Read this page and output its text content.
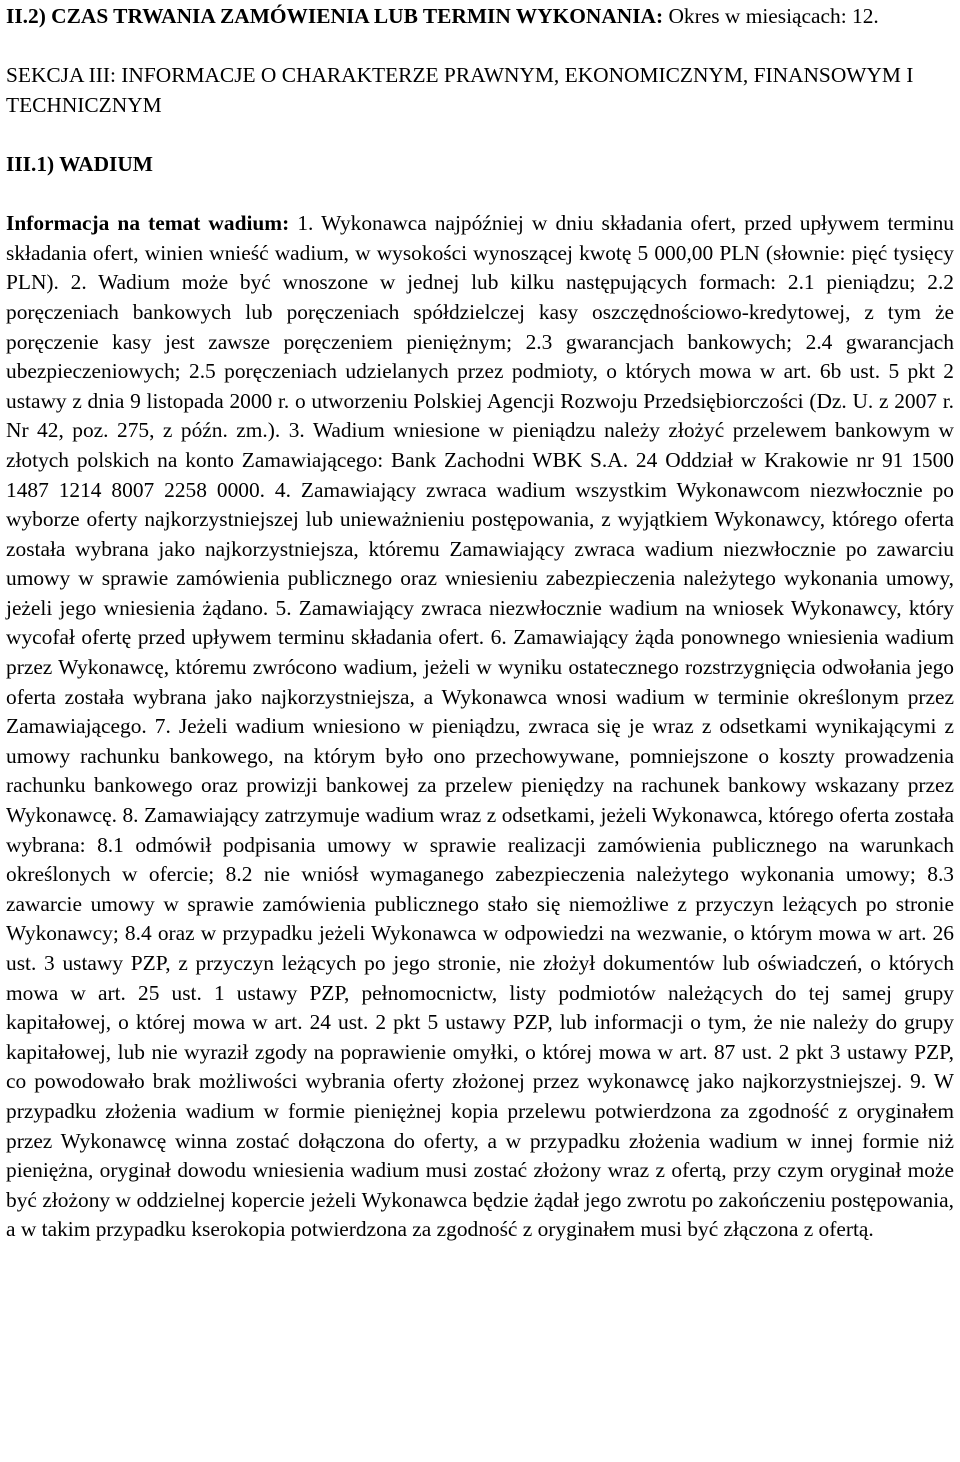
II.2) CZAS TRWANIA ZAMÓWIENIA LUB TERMIN WYKONANIA: Okres w miesiącach: 12.

SEKCJA III: INFORMACJE O CHARAKTERZE PRAWNYM, EKONOMICZNYM, FINANSOWYM I TECHNICZNYM

III.1) WADIUM

Informacja na temat wadium: 1. Wykonawca najpóźniej w dniu składania ofert, przed upływem terminu składania ofert, winien wnieść wadium, w wysokości wynoszącej kwotę 5 000,00 PLN (słownie: pięć tysięcy PLN). 2. Wadium może być wnoszone w jednej lub kilku następujących formach: 2.1 pieniądzu; 2.2 poręczeniach bankowych lub poręczeniach spółdzielczej kasy oszczędnościowo-kredytowej, z tym że poręczenie kasy jest zawsze poręczeniem pieniężnym; 2.3 gwarancjach bankowych; 2.4 gwarancjach ubezpieczeniowych; 2.5 poręczeniach udzielanych przez podmioty, o których mowa w art. 6b ust. 5 pkt 2 ustawy z dnia 9 listopada 2000 r. o utworzeniu Polskiej Agencji Rozwoju Przedsiębiorczości (Dz. U. z 2007 r. Nr 42, poz. 275, z późn. zm.). 3. Wadium wniesione w pieniądzu należy złożyć przelewem bankowym w złotych polskich na konto Zamawiającego: Bank Zachodni WBK S.A. 24 Oddział w Krakowie nr 91 1500 1487 1214 8007 2258 0000. 4. Zamawiający zwraca wadium wszystkim Wykonawcom niezwłocznie po wyborze oferty najkorzystniejszej lub unieważnieniu postępowania, z wyjątkiem Wykonawcy, którego oferta została wybrana jako najkorzystniejsza, któremu Zamawiający zwraca wadium niezwłocznie po zawarciu umowy w sprawie zamówienia publicznego oraz wniesieniu zabezpieczenia należytego wykonania umowy, jeżeli jego wniesienia żądano. 5. Zamawiający zwraca niezwłocznie wadium na wniosek Wykonawcy, który wycofał ofertę przed upływem terminu składania ofert. 6. Zamawiający żąda ponownego wniesienia wadium przez Wykonawcę, któremu zwrócono wadium, jeżeli w wyniku ostatecznego rozstrzygnięcia odwołania jego oferta została wybrana jako najkorzystniejsza, a Wykonawca wnosi wadium w terminie określonym przez Zamawiającego. 7. Jeżeli wadium wniesiono w pieniądzu, zwraca się je wraz z odsetkami wynikającymi z umowy rachunku bankowego, na którym było ono przechowywane, pomniejszone o koszty prowadzenia rachunku bankowego oraz prowizji bankowej za przelew pieniędzy na rachunek bankowy wskazany przez Wykonawcę. 8. Zamawiający zatrzymuje wadium wraz z odsetkami, jeżeli Wykonawca, którego oferta została wybrana: 8.1 odmówił podpisania umowy w sprawie realizacji zamówienia publicznego na warunkach określonych w ofercie; 8.2 nie wniósł wymaganego zabezpieczenia należytego wykonania umowy; 8.3 zawarcie umowy w sprawie zamówienia publicznego stało się niemożliwe z przyczyn leżących po stronie Wykonawcy; 8.4 oraz w przypadku jeżeli Wykonawca w odpowiedzi na wezwanie, o którym mowa w art. 26 ust. 3 ustawy PZP, z przyczyn leżących po jego stronie, nie złożył dokumentów lub oświadczeń, o których mowa w art. 25 ust. 1 ustawy PZP, pełnomocnictw, listy podmiotów należących do tej samej grupy kapitałowej, o której mowa w art. 24 ust. 2 pkt 5 ustawy PZP, lub informacji o tym, że nie należy do grupy kapitałowej, lub nie wyraził zgody na poprawienie omyłki, o której mowa w art. 87 ust. 2 pkt 3 ustawy PZP, co powodowało brak możliwości wybrania oferty złożonej przez wykonawcę jako najkorzystniejszej. 9. W przypadku złożenia wadium w formie pieniężnej kopia przelewu potwierdzona za zgodność z oryginałem przez Wykonawcę winna zostać dołączona do oferty, a w przypadku złożenia wadium w innej formie niż pieniężna, oryginał dowodu wniesienia wadium musi zostać złożony wraz z ofertą, przy czym oryginał może być złożony w oddzielnej kopercie jeżeli Wykonawca będzie żądał jego zwrotu po zakończeniu postępowania, a w takim przypadku kserokopia potwierdzona za zgodność z oryginałem musi być złączona z ofertą.
